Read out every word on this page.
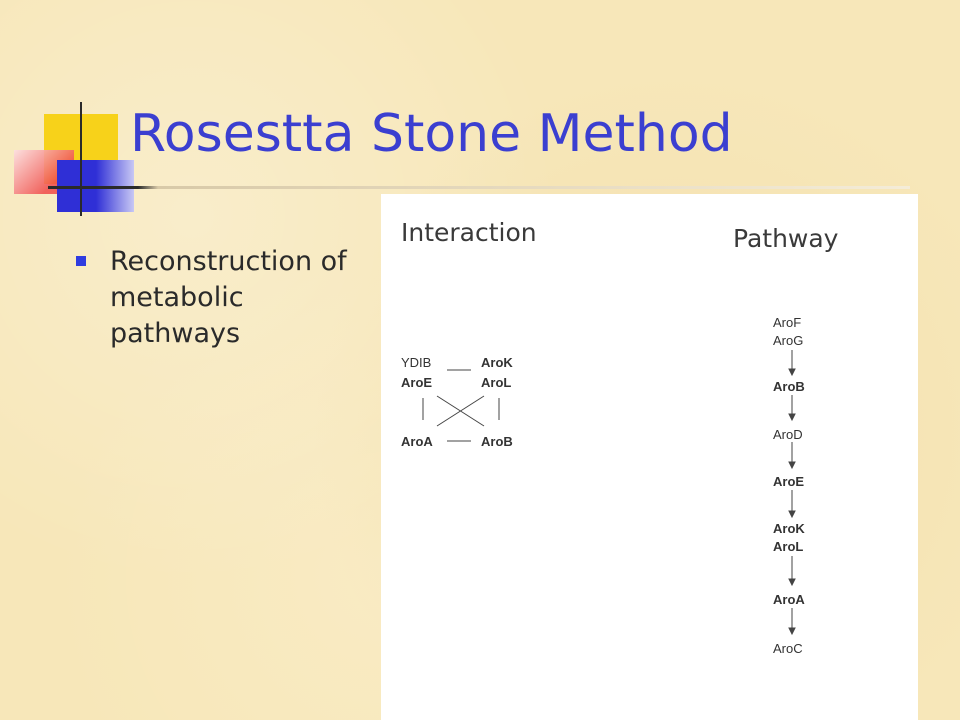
Rosestta Stone Method
Reconstruction of metabolic pathways
Interaction	Pathway
YDIB
AroE
AroK
AroL
AroA	AroB
AroF
AroG
AroB
AroD
AroE
AroK
AroL
AroA
AroC
